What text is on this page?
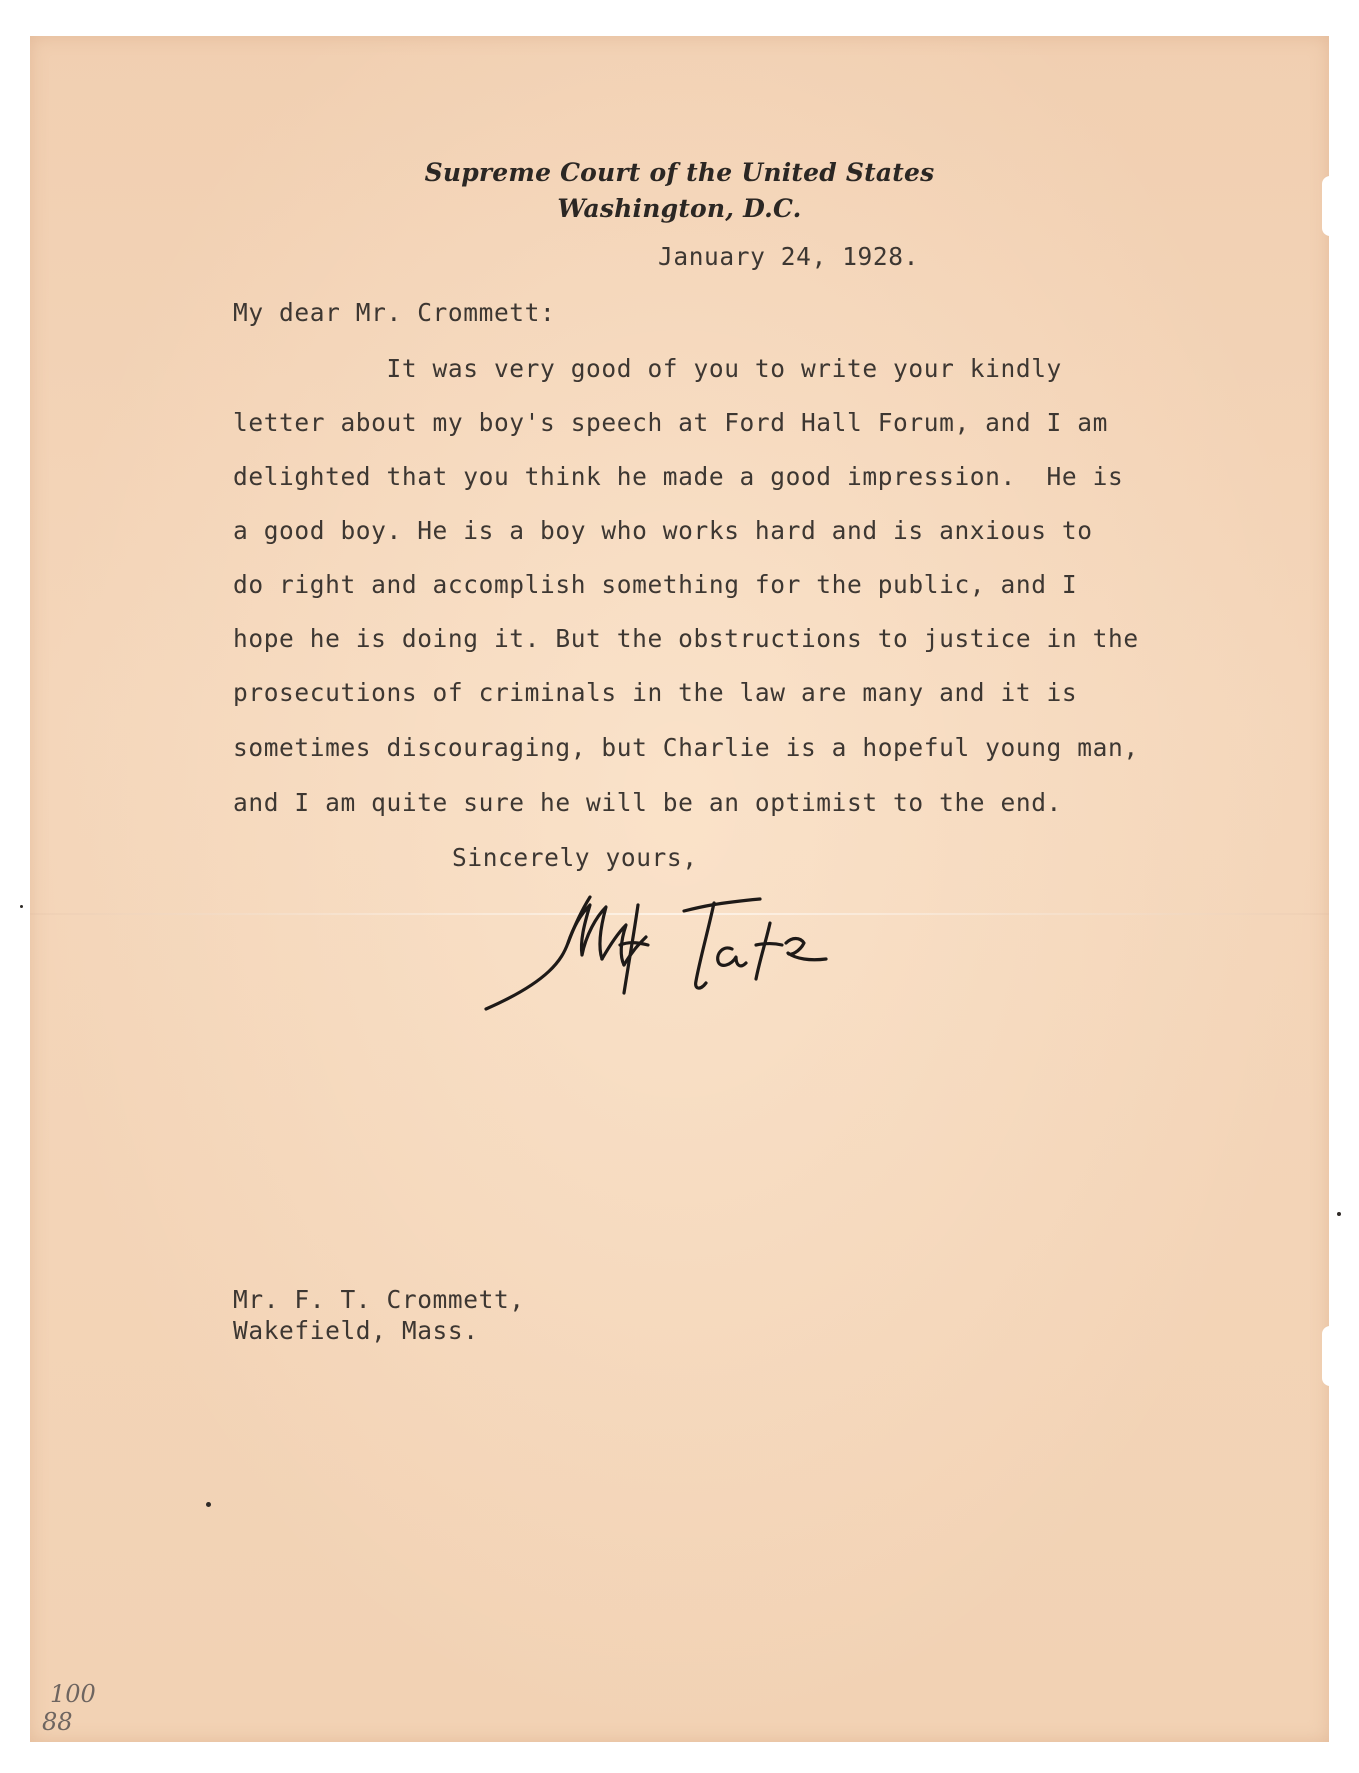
Supreme Court of the United States
Washington, D.C.
January 24, 1928.
My dear Mr. Crommett:
It was very good of you to write your kindly
letter about my boy's speech at Ford Hall Forum, and I am
delighted that you think he made a good impression.  He is
a good boy. He is a boy who works hard and is anxious to
do right and accomplish something for the public, and I
hope he is doing it. But the obstructions to justice in the
prosecutions of criminals in the law are many and it is
sometimes discouraging, but Charlie is a hopeful young man,
and I am quite sure he will be an optimist to the end.
Sincerely yours,
Mr. F. T. Crommett,
Wakefield, Mass.
100
88
